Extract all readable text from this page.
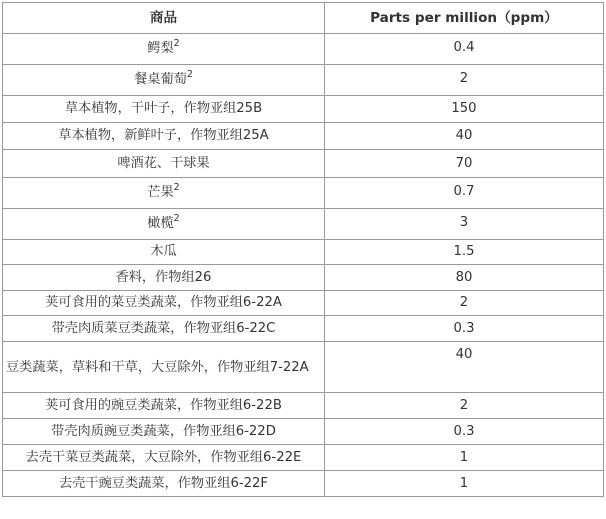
商品	Parts per million（ppm）
鳄梨$^2$	0.4
餐桌葡萄$^2$	2
草本植物，干叶子，作物亚组25B	150
草本植物，新鲜叶子，作物亚组25A	40
啤酒花、干球果	70
芒果$^2$	0.7
橄榄$^2$	3
木瓜	1.5
香料，作物组26	80
荚可食用的菜豆类蔬菜，作物亚组6-22A	2
带壳肉质菜豆类蔬菜，作物亚组6-22C	0.3
豆类蔬菜，草料和干草，大豆除外，作物亚组7-22A	40
荚可食用的豌豆类蔬菜，作物亚组6-22B	2
带壳肉质豌豆类蔬菜，作物亚组6-22D	0.3
去壳干菜豆类蔬菜，大豆除外，作物亚组6-22E	1
去壳干豌豆类蔬菜，作物亚组6-22F	1
